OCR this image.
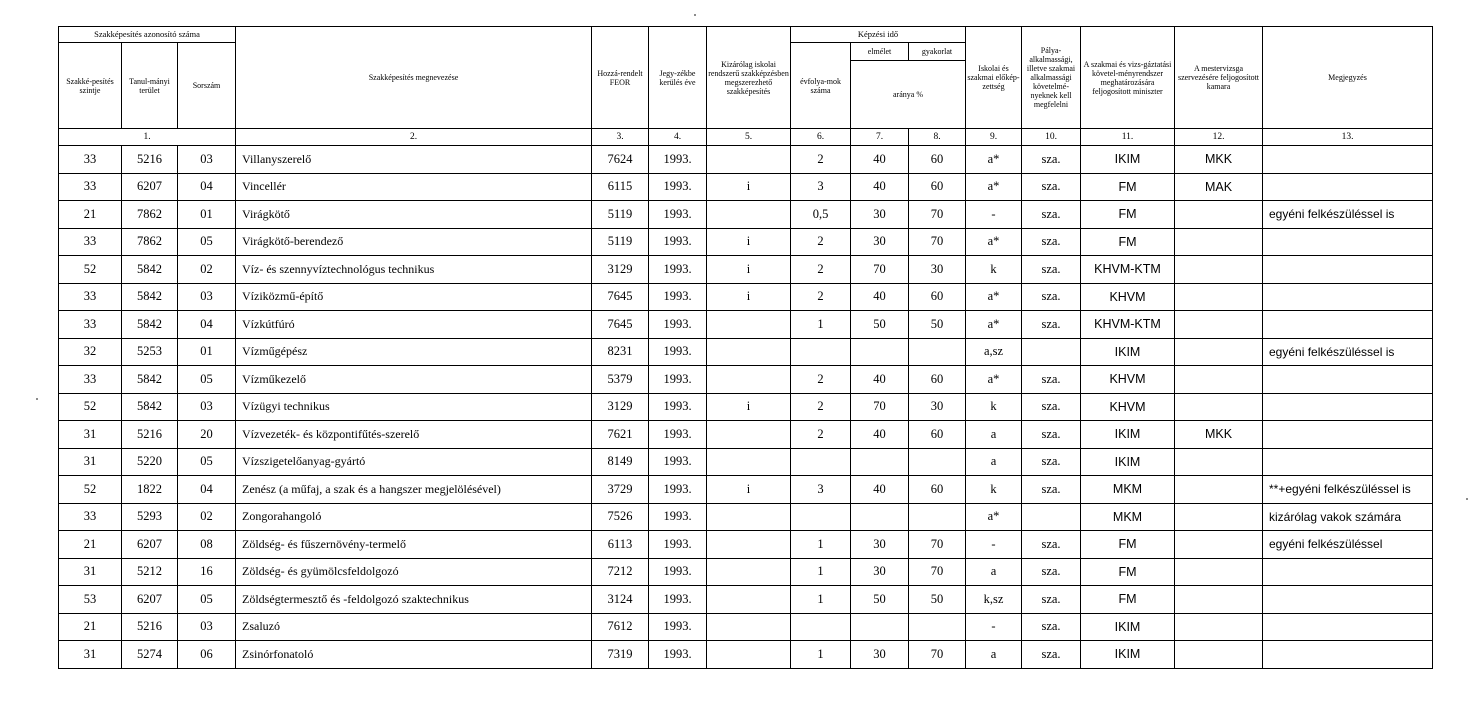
Szakképesítés azonosító száma			Szakképesítés megnevezése	Hozzá-rendelt FEOR	Jegy-zékbe kerülés éve	Kizárólag iskolai rendszerű szakképzésben megszerezhető szakképesítés	Képzési idő			Iskolai és szakmai előkép-zettség	Pálya-alkalmassági, illetve szakmai alkalmassági követelmé-nyeknek kell megfelelni	A szakmai és vizs-gáztatási követel-ményrendszer meghatározására feljogosított miniszter	A mestervizsga szervezésére feljogosított kamara	Megjegyzés
Szakké-pesítés szintje	Tanul-mányi terület	Sorszám					évfolya-mok száma	elmélet	gyakorlat					
								aránya %						
1.			2.	3.	4.	5.	6.	7.	8.	9.	10.	11.	12.	13.
33	5216	03	Villanyszerelő	7624	1993.		2	40	60	a*	sza.	IKIM	MKK	
33	6207	04	Vincellér	6115	1993.	i	3	40	60	a*	sza.	FM	MAK	
21	7862	01	Virágkötő	5119	1993.		0,5	30	70	-	sza.	FM		egyéni felkészüléssel is
33	7862	05	Virágkötő-berendező	5119	1993.	i	2	30	70	a*	sza.	FM		
52	5842	02	Víz- és szennyvíztechnológus technikus	3129	1993.	i	2	70	30	k	sza.	KHVM-KTM		
33	5842	03	Víziközmű-építő	7645	1993.	i	2	40	60	a*	sza.	KHVM		
33	5842	04	Vízkútfúró	7645	1993.		1	50	50	a*	sza.	KHVM-KTM		
32	5253	01	Vízműgépész	8231	1993.					a,sz		IKIM		egyéni felkészüléssel is
33	5842	05	Vízműkezelő	5379	1993.		2	40	60	a*	sza.	KHVM		
52	5842	03	Vízügyi technikus	3129	1993.	i	2	70	30	k	sza.	KHVM		
31	5216	20	Vízvezeték- és központifűtés-szerelő	7621	1993.		2	40	60	a	sza.	IKIM	MKK	
31	5220	05	Vízszigetelőanyag-gyártó	8149	1993.					a	sza.	IKIM		
52	1822	04	Zenész (a műfaj, a szak és a hangszer megjelölésével)	3729	1993.	i	3	40	60	k	sza.	MKM		**+egyéni felkészüléssel is
33	5293	02	Zongorahangoló	7526	1993.					a*		MKM		kizárólag vakok számára
21	6207	08	Zöldség- és fűszernövény-termelő	6113	1993.		1	30	70	-	sza.	FM		egyéni felkészüléssel
31	5212	16	Zöldség- és gyümölcsfeldolgozó	7212	1993.		1	30	70	a	sza.	FM		
53	6207	05	Zöldségtermesztő és -feldolgozó szaktechnikus	3124	1993.		1	50	50	k,sz	sza.	FM		
21	5216	03	Zsaluzó	7612	1993.					-	sza.	IKIM		
31	5274	06	Zsinórfonatoló	7319	1993.		1	30	70	a	sza.	IKIM		
